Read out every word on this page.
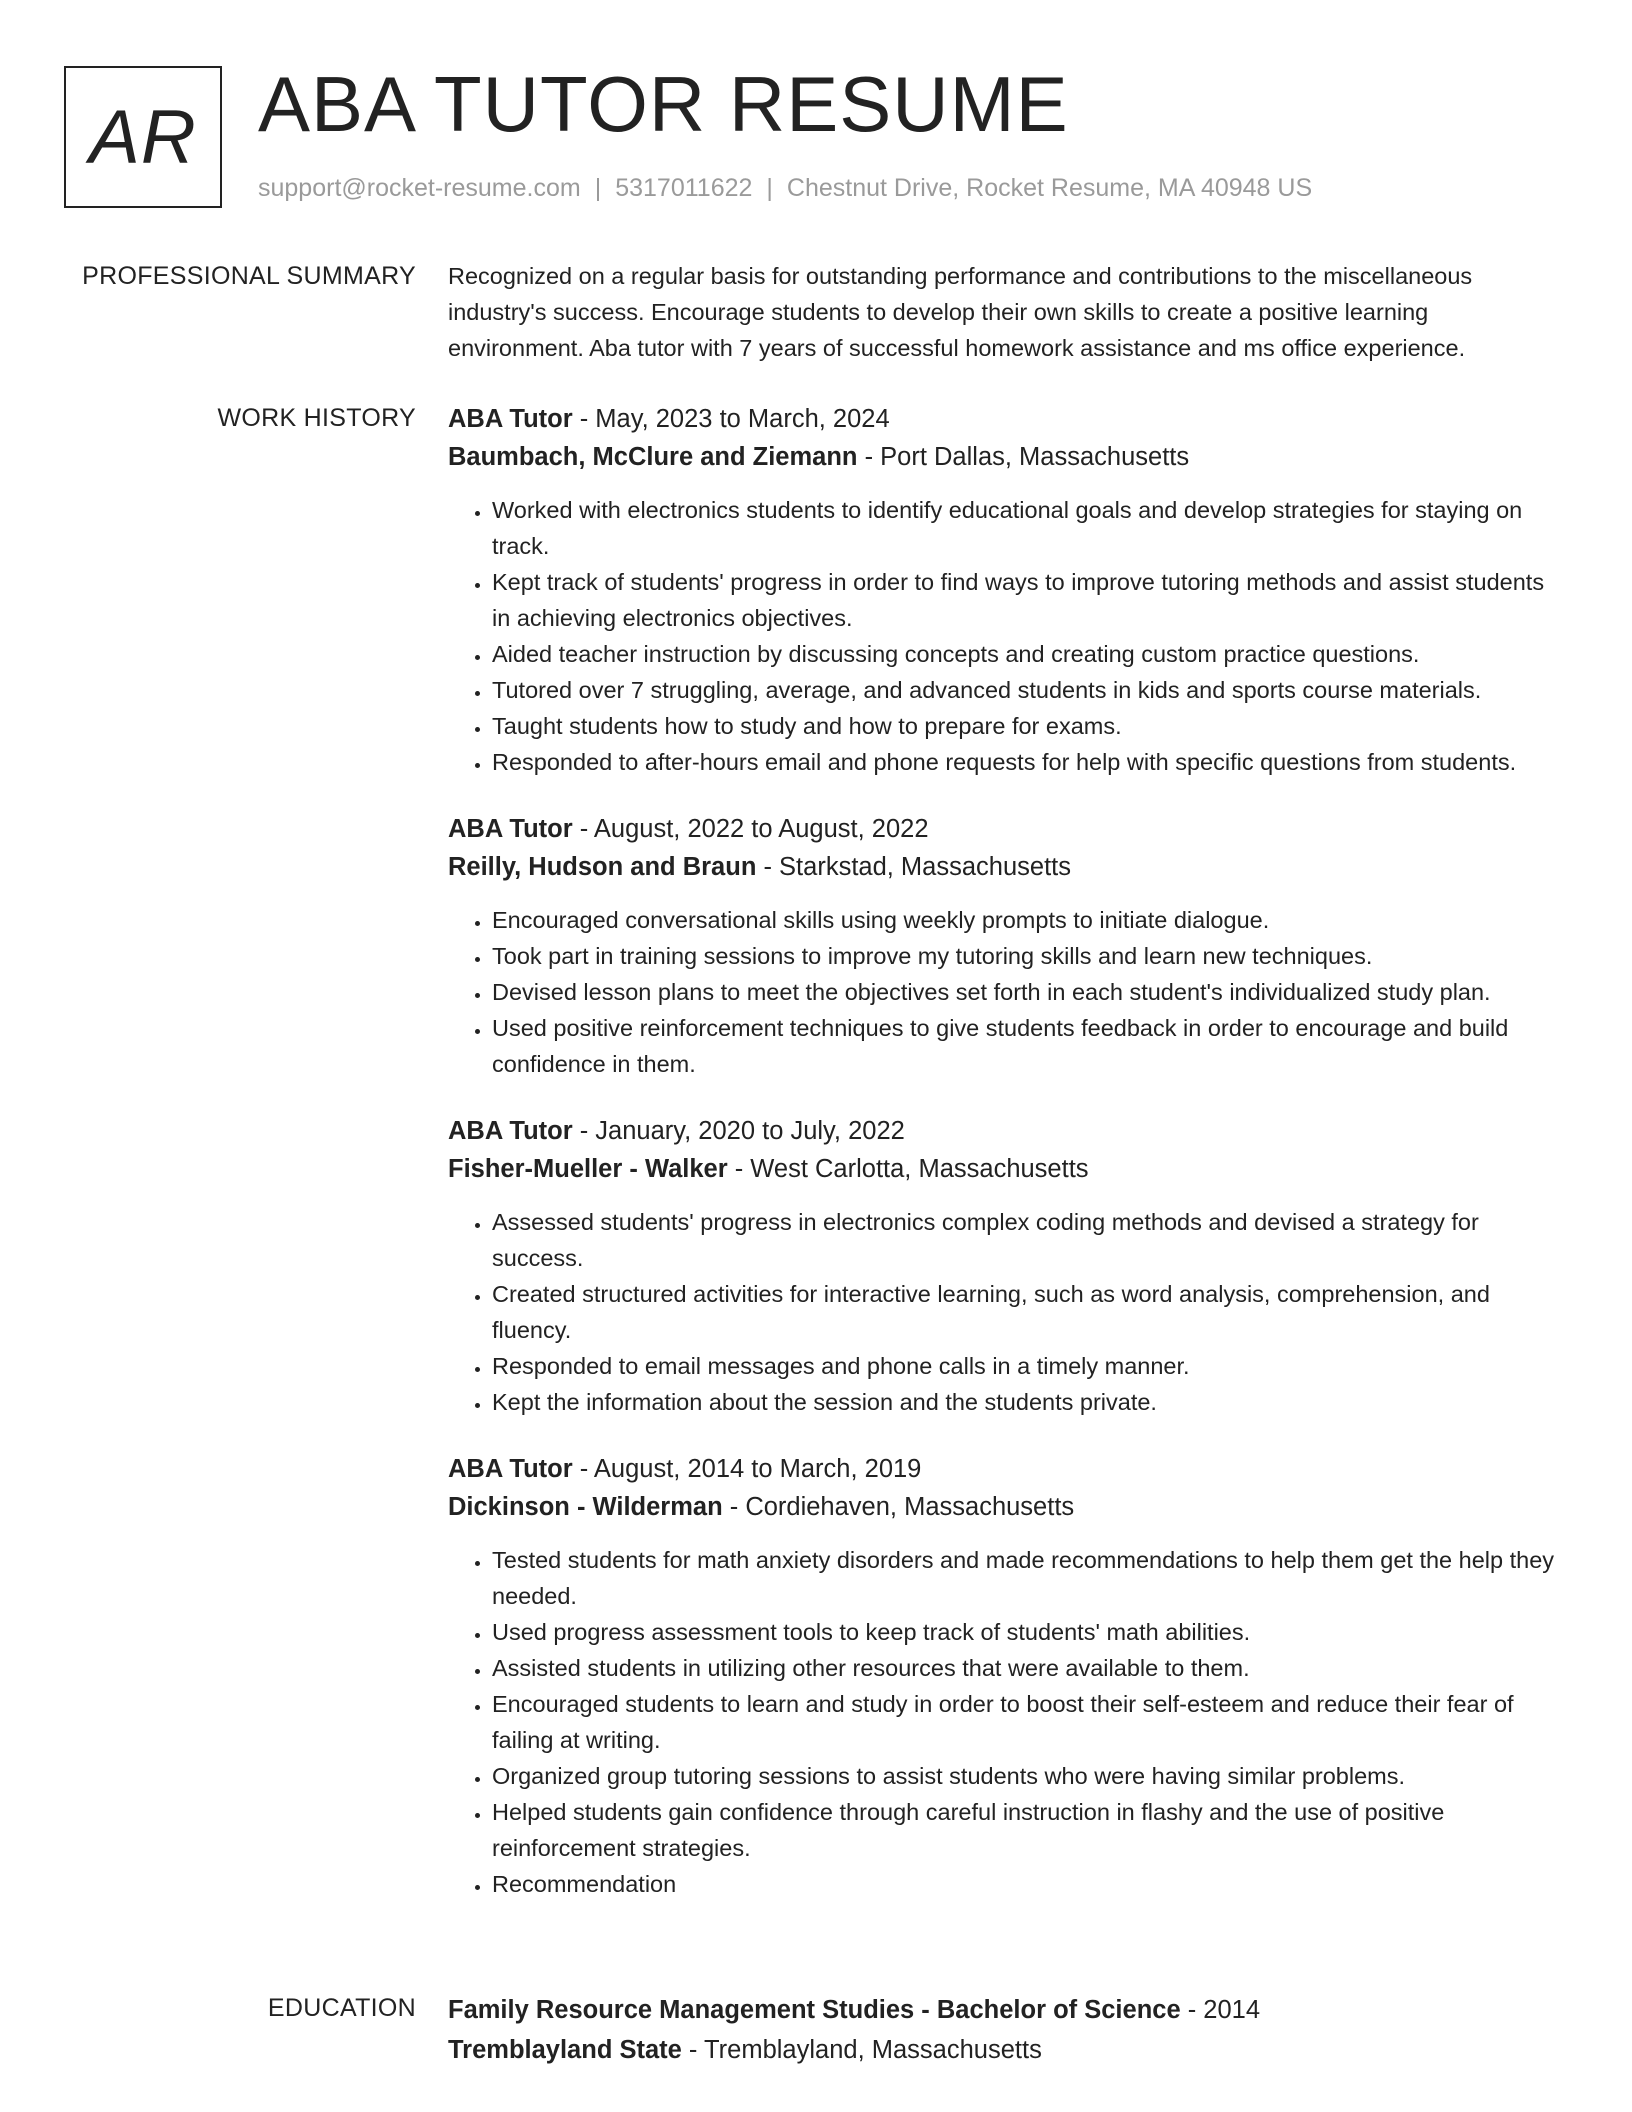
AR ABA TUTOR RESUME
support@rocket-resume.com | 5317011622 | Chestnut Drive, Rocket Resume, MA 40948 US
PROFESSIONAL SUMMARY Recognized on a regular basis for outstanding performance and contributions to the miscellaneous industry's success. Encourage students to develop their own skills to create a positive learning environment. Aba tutor with 7 years of successful homework assistance and ms office experience.

WORK HISTORY ABA Tutor - May, 2023 to March, 2024
Baumbach, McClure and Ziemann - Port Dallas, Massachusetts
• Worked with electronics students to identify educational goals and develop strategies for staying on track.
• Kept track of students' progress in order to find ways to improve tutoring methods and assist students in achieving electronics objectives.
• Aided teacher instruction by discussing concepts and creating custom practice questions.
• Tutored over 7 struggling, average, and advanced students in kids and sports course materials.
• Taught students how to study and how to prepare for exams.
• Responded to after-hours email and phone requests for help with specific questions from students.
ABA Tutor - August, 2022 to August, 2022
Reilly, Hudson and Braun - Starkstad, Massachusetts
• Encouraged conversational skills using weekly prompts to initiate dialogue.
• Took part in training sessions to improve my tutoring skills and learn new techniques.
• Devised lesson plans to meet the objectives set forth in each student's individualized study plan.
• Used positive reinforcement techniques to give students feedback in order to encourage and build confidence in them.
ABA Tutor - January, 2020 to July, 2022
Fisher-Mueller - Walker - West Carlotta, Massachusetts
• Assessed students' progress in electronics complex coding methods and devised a strategy for success.
• Created structured activities for interactive learning, such as word analysis, comprehension, and fluency.
• Responded to email messages and phone calls in a timely manner.
• Kept the information about the session and the students private.
ABA Tutor - August, 2014 to March, 2019
Dickinson - Wilderman - Cordiehaven, Massachusetts
• Tested students for math anxiety disorders and made recommendations to help them get the help they needed.
• Used progress assessment tools to keep track of students' math abilities.
• Assisted students in utilizing other resources that were available to them.
• Encouraged students to learn and study in order to boost their self-esteem and reduce their fear of failing at writing.
• Organized group tutoring sessions to assist students who were having similar problems.
• Helped students gain confidence through careful instruction in flashy and the use of positive reinforcement strategies.
• Recommendation
EDUCATION Family Resource Management Studies - Bachelor of Science - 2014
Tremblayland State - Tremblayland, Massachusetts
